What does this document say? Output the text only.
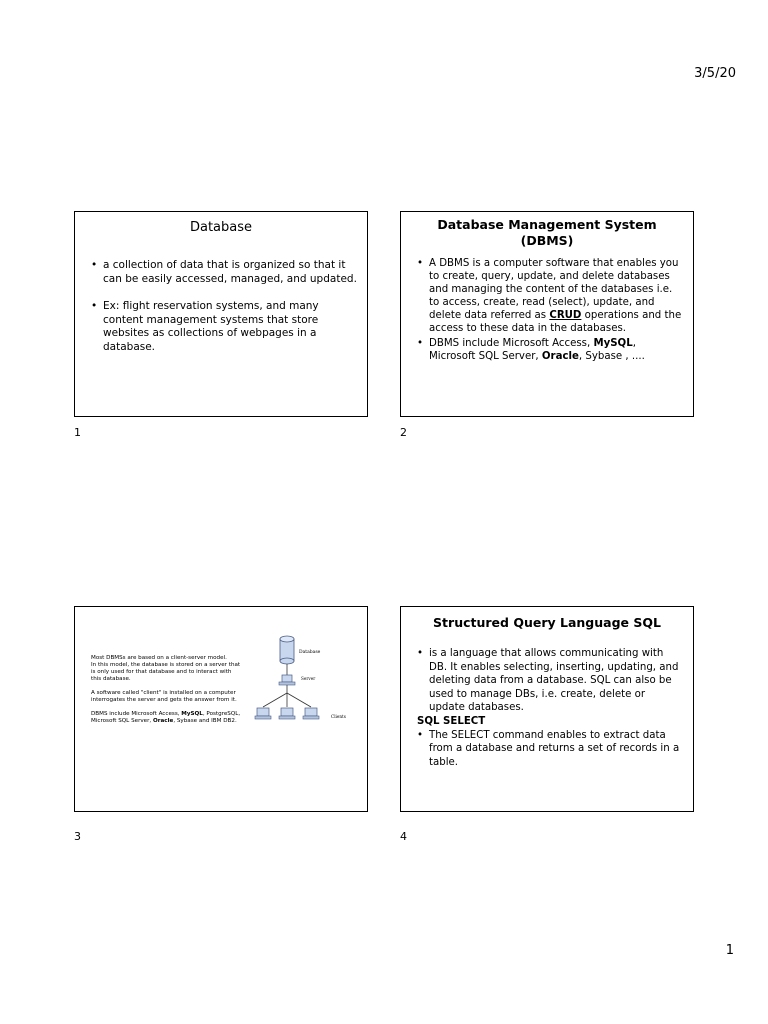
3/5/20
Database
• a collection of data that is organized so that it can be easily accessed, managed, and updated.
• Ex: flight reservation systems, and many content management systems that store websites as collections of webpages in a database.
1
Database Management System
(DBMS)
• A DBMS is a computer software that enables you to create, query, update, and delete databases and managing the content of the databases i.e. to access, create, read (select), update, and delete data referred as CRUD operations and the access to these data in the databases.
• DBMS include Microsoft Access, MySQL, Microsoft SQL Server, Oracle, Sybase , ....
2

Most DBMSs are based on a client-server model.
In this model, the database is stored on a server that is only used for that database and to interact with this database.

A software called "client" is installed on a computer interrogates the server and gets the answer from it.

DBMS include Microsoft Access, MySQL, PostgreSQL, Microsoft SQL Server, Oracle, Sybase and IBM DB2.

Database
Server
Clients
3
Structured Query Language SQL
• is a language that allows communicating with DB. It enables selecting, inserting, updating, and deleting data from a database. SQL can also be used to manage DBs, i.e. create, delete or update databases.
SQL SELECT
• The SELECT command enables to extract data from a database and returns a set of records in a table.
4
1
